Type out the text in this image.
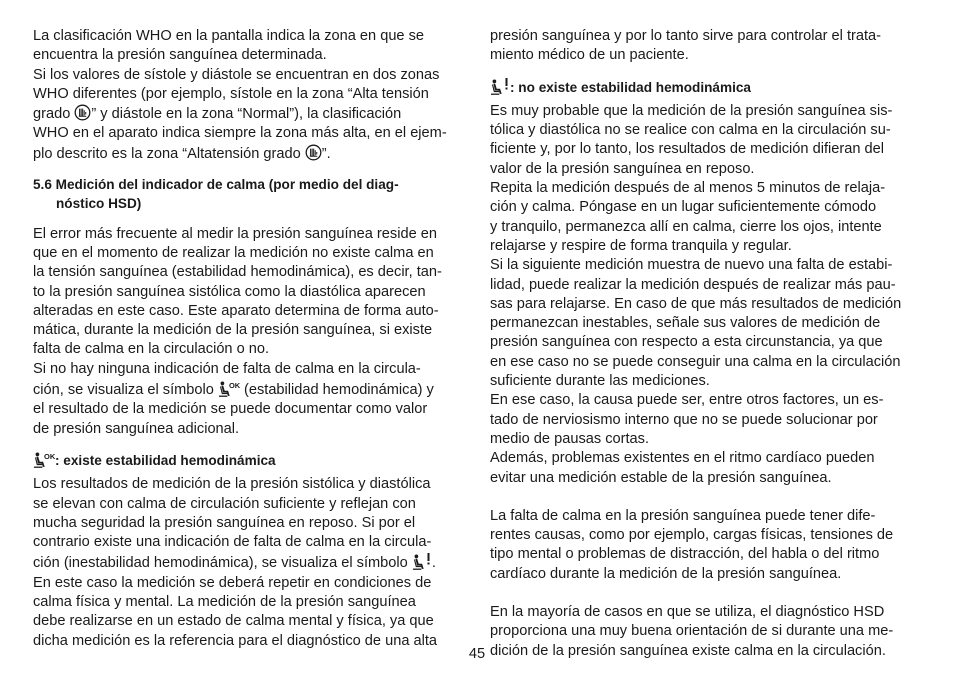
La clasificación WHO en la pantalla indica la zona en que se
encuentra la presión sanguínea determinada.
Si los valores de sístole y diástole se encuentran en dos zonas
WHO diferentes (por ejemplo, sístole en la zona “Alta tensión
grado ” y diástole en la zona “Normal”), la clasificación
WHO en el aparato indica siempre la zona más alta, en el ejem-
plo descrito es la zona “Altatensión grado ”.
5.6 Medición del indicador de calma (por medio del diag-
nóstico HSD)
El error más frecuente al medir la presión sanguínea reside en
que en el momento de realizar la medición no existe calma en
la tensión sanguínea (estabilidad hemodinámica), es decir, tan-
to la presión sanguínea sistólica como la diastólica aparecen
alteradas en este caso. Este aparato determina de forma auto-
mática, durante la medición de la presión sanguínea, si existe
falta de calma en la circulación o no.
Si no hay ninguna indicación de falta de calma en la circula-
ción, se visualiza el símbolo OK (estabilidad hemodinámica) y
el resultado de la medición se puede documentar como valor
de presión sanguínea adicional.
OK : existe estabilidad hemodinámica
Los resultados de medición de la presión sistólica y diastólica
se elevan con calma de circulación suficiente y reflejan con
mucha seguridad la presión sanguínea en reposo. Si por el
contrario existe una indicación de falta de calma en la circula-
ción (inestabilidad hemodinámica), se visualiza el símbolo
.
En este caso la medición se deberá repetir en condiciones de
calma física y mental. La medición de la presión sanguínea
debe realizarse en un estado de calma mental y física, ya que
dicha medición es la referencia para el diagnóstico de una alta
presión sanguínea y por lo tanto sirve para controlar el trata-
miento médico de un paciente.
: no existe estabilidad hemodinámica
Es muy probable que la medición de la presión sanguínea sis-
tólica y diastólica no se realice con calma en la circulación su-
ficiente y, por lo tanto, los resultados de medición difieran del
valor de la presión sanguínea en reposo.
Repita la medición después de al menos 5 minutos de relaja-
ción y calma. Póngase en un lugar suficientemente cómodo
y tranquilo, permanezca allí en calma, cierre los ojos, intente
relajarse y respire de forma tranquila y regular.
Si la siguiente medición muestra de nuevo una falta de estabi-
lidad, puede realizar la medición después de realizar más pau-
sas para relajarse. En caso de que más resultados de medición
permanezcan inestables, señale sus valores de medición de
presión sanguínea con respecto a esta circunstancia, ya que
en ese caso no se puede conseguir una calma en la circulación
suficiente durante las mediciones.
En ese caso, la causa puede ser, entre otros factores, un es-
tado de nerviosismo interno que no se puede solucionar por
medio de pausas cortas.
Además, problemas existentes en el ritmo cardíaco pueden
evitar una medición estable de la presión sanguínea.
La falta de calma en la presión sanguínea puede tener dife-
rentes causas, como por ejemplo, cargas físicas, tensiones de
tipo mental o problemas de distracción, del habla o del ritmo
cardíaco durante la medición de la presión sanguínea.
En la mayoría de casos en que se utiliza, el diagnóstico HSD
proporciona una muy buena orientación de si durante una me-
dición de la presión sanguínea existe calma en la circulación.
45
